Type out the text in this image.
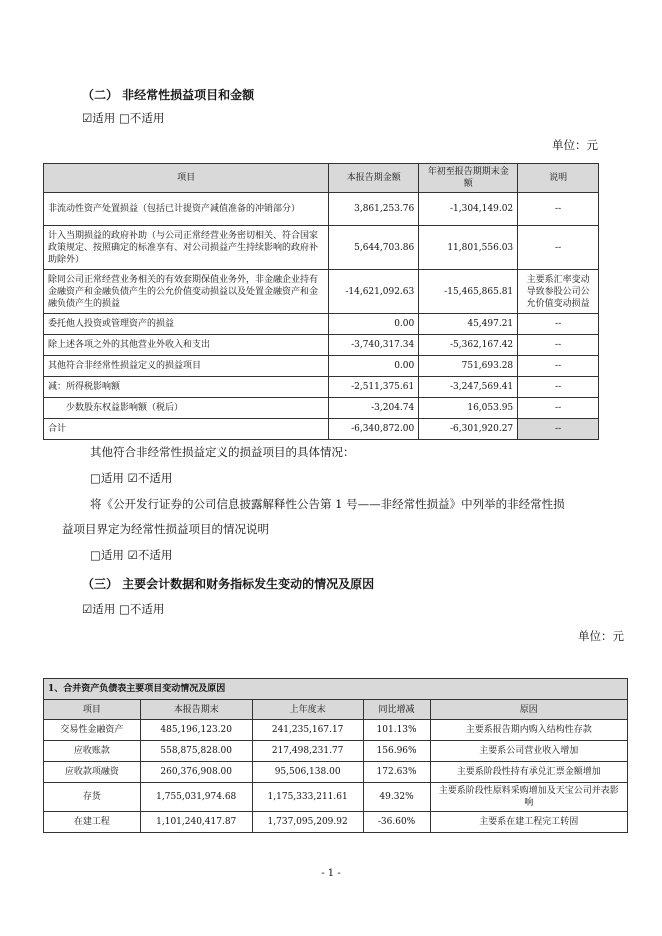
（二） 非经常性损益项目和金额
☑适用 □不适用
单位：元
项目	本报告期金额	年初至报告期期末金额	说明
非流动性资产处置损益（包括已计提资产减值准备的冲销部分）	3,861,253.76	-1,304,149.02	--
计入当期损益的政府补助（与公司正常经营业务密切相关、符合国家政策规定、按照确定的标准享有、对公司损益产生持续影响的政府补助除外）	5,644,703.86	11,801,556.03	--
除同公司正常经营业务相关的有效套期保值业务外，非金融企业持有金融资产和金融负债产生的公允价值变动损益以及处置金融资产和金融负债产生的损益	-14,621,092.63	-15,465,865.81	主要系汇率变动导致参股公司公允价值变动损益
委托他人投资或管理资产的损益	0.00	45,497.21	--
除上述各项之外的其他营业外收入和支出	-3,740,317.34	-5,362,167.42	--
其他符合非经常性损益定义的损益项目	0.00	751,693.28	--
减：所得税影响额	-2,511,375.61	-3,247,569.41	--
少数股东权益影响额（税后）	-3,204.74	16,053.95	--
合计	-6,340,872.00	-6,301,920.27	--
其他符合非经常性损益定义的损益项目的具体情况：
□适用 ☑不适用
将《公开发行证券的公司信息披露解释性公告第 1 号——非经常性损益》中列举的非经常性损
益项目界定为经常性损益项目的情况说明
□适用 ☑不适用
（三） 主要会计数据和财务指标发生变动的情况及原因
☑适用 □不适用
单位：元
1、合并资产负债表主要项目变动情况及原因				
项目	本报告期末	上年度末	同比增减	原因
交易性金融资产	485,196,123.20	241,235,167.17	101.13%	主要系报告期内购入结构性存款
应收账款	558,875,828.00	217,498,231.77	156.96%	主要系公司营业收入增加
应收款项融资	260,376,908.00	95,506,138.00	172.63%	主要系阶段性持有承兑汇票金额增加
存货	1,755,031,974.68	1,175,333,211.61	49.32%	主要系阶段性原料采购增加及天宝公司并表影响
在建工程	1,101,240,417.87	1,737,095,209.92	-36.60%	主要系在建工程完工转固
- 1 -
